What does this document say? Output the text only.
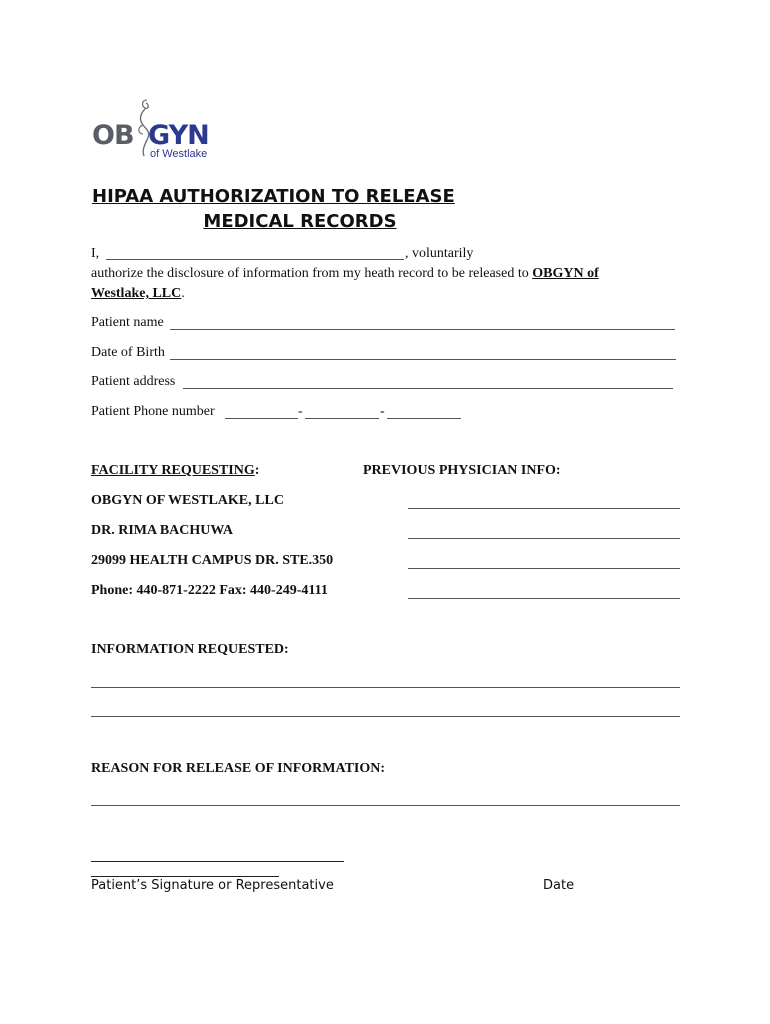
OB GYN
of Westlake
HIPAA AUTHORIZATION TO RELEASE
MEDICAL RECORDS
I,	, voluntarily
authorize the disclosure of information from my heath record to be released to OBGYN of
Westlake, LLC.
Patient name
Date of Birth
Patient address
Patient Phone number	-	-
FACILITY REQUESTING:	PREVIOUS PHYSICIAN INFO:
OBGYN OF WESTLAKE, LLC
DR. RIMA BACHUWA
29099 HEALTH CAMPUS DR. STE.350
Phone: 440-871-2222 Fax: 440-249-4111
INFORMATION REQUESTED:
REASON FOR RELEASE OF INFORMATION:
Patient’s Signature or Representative	Date
